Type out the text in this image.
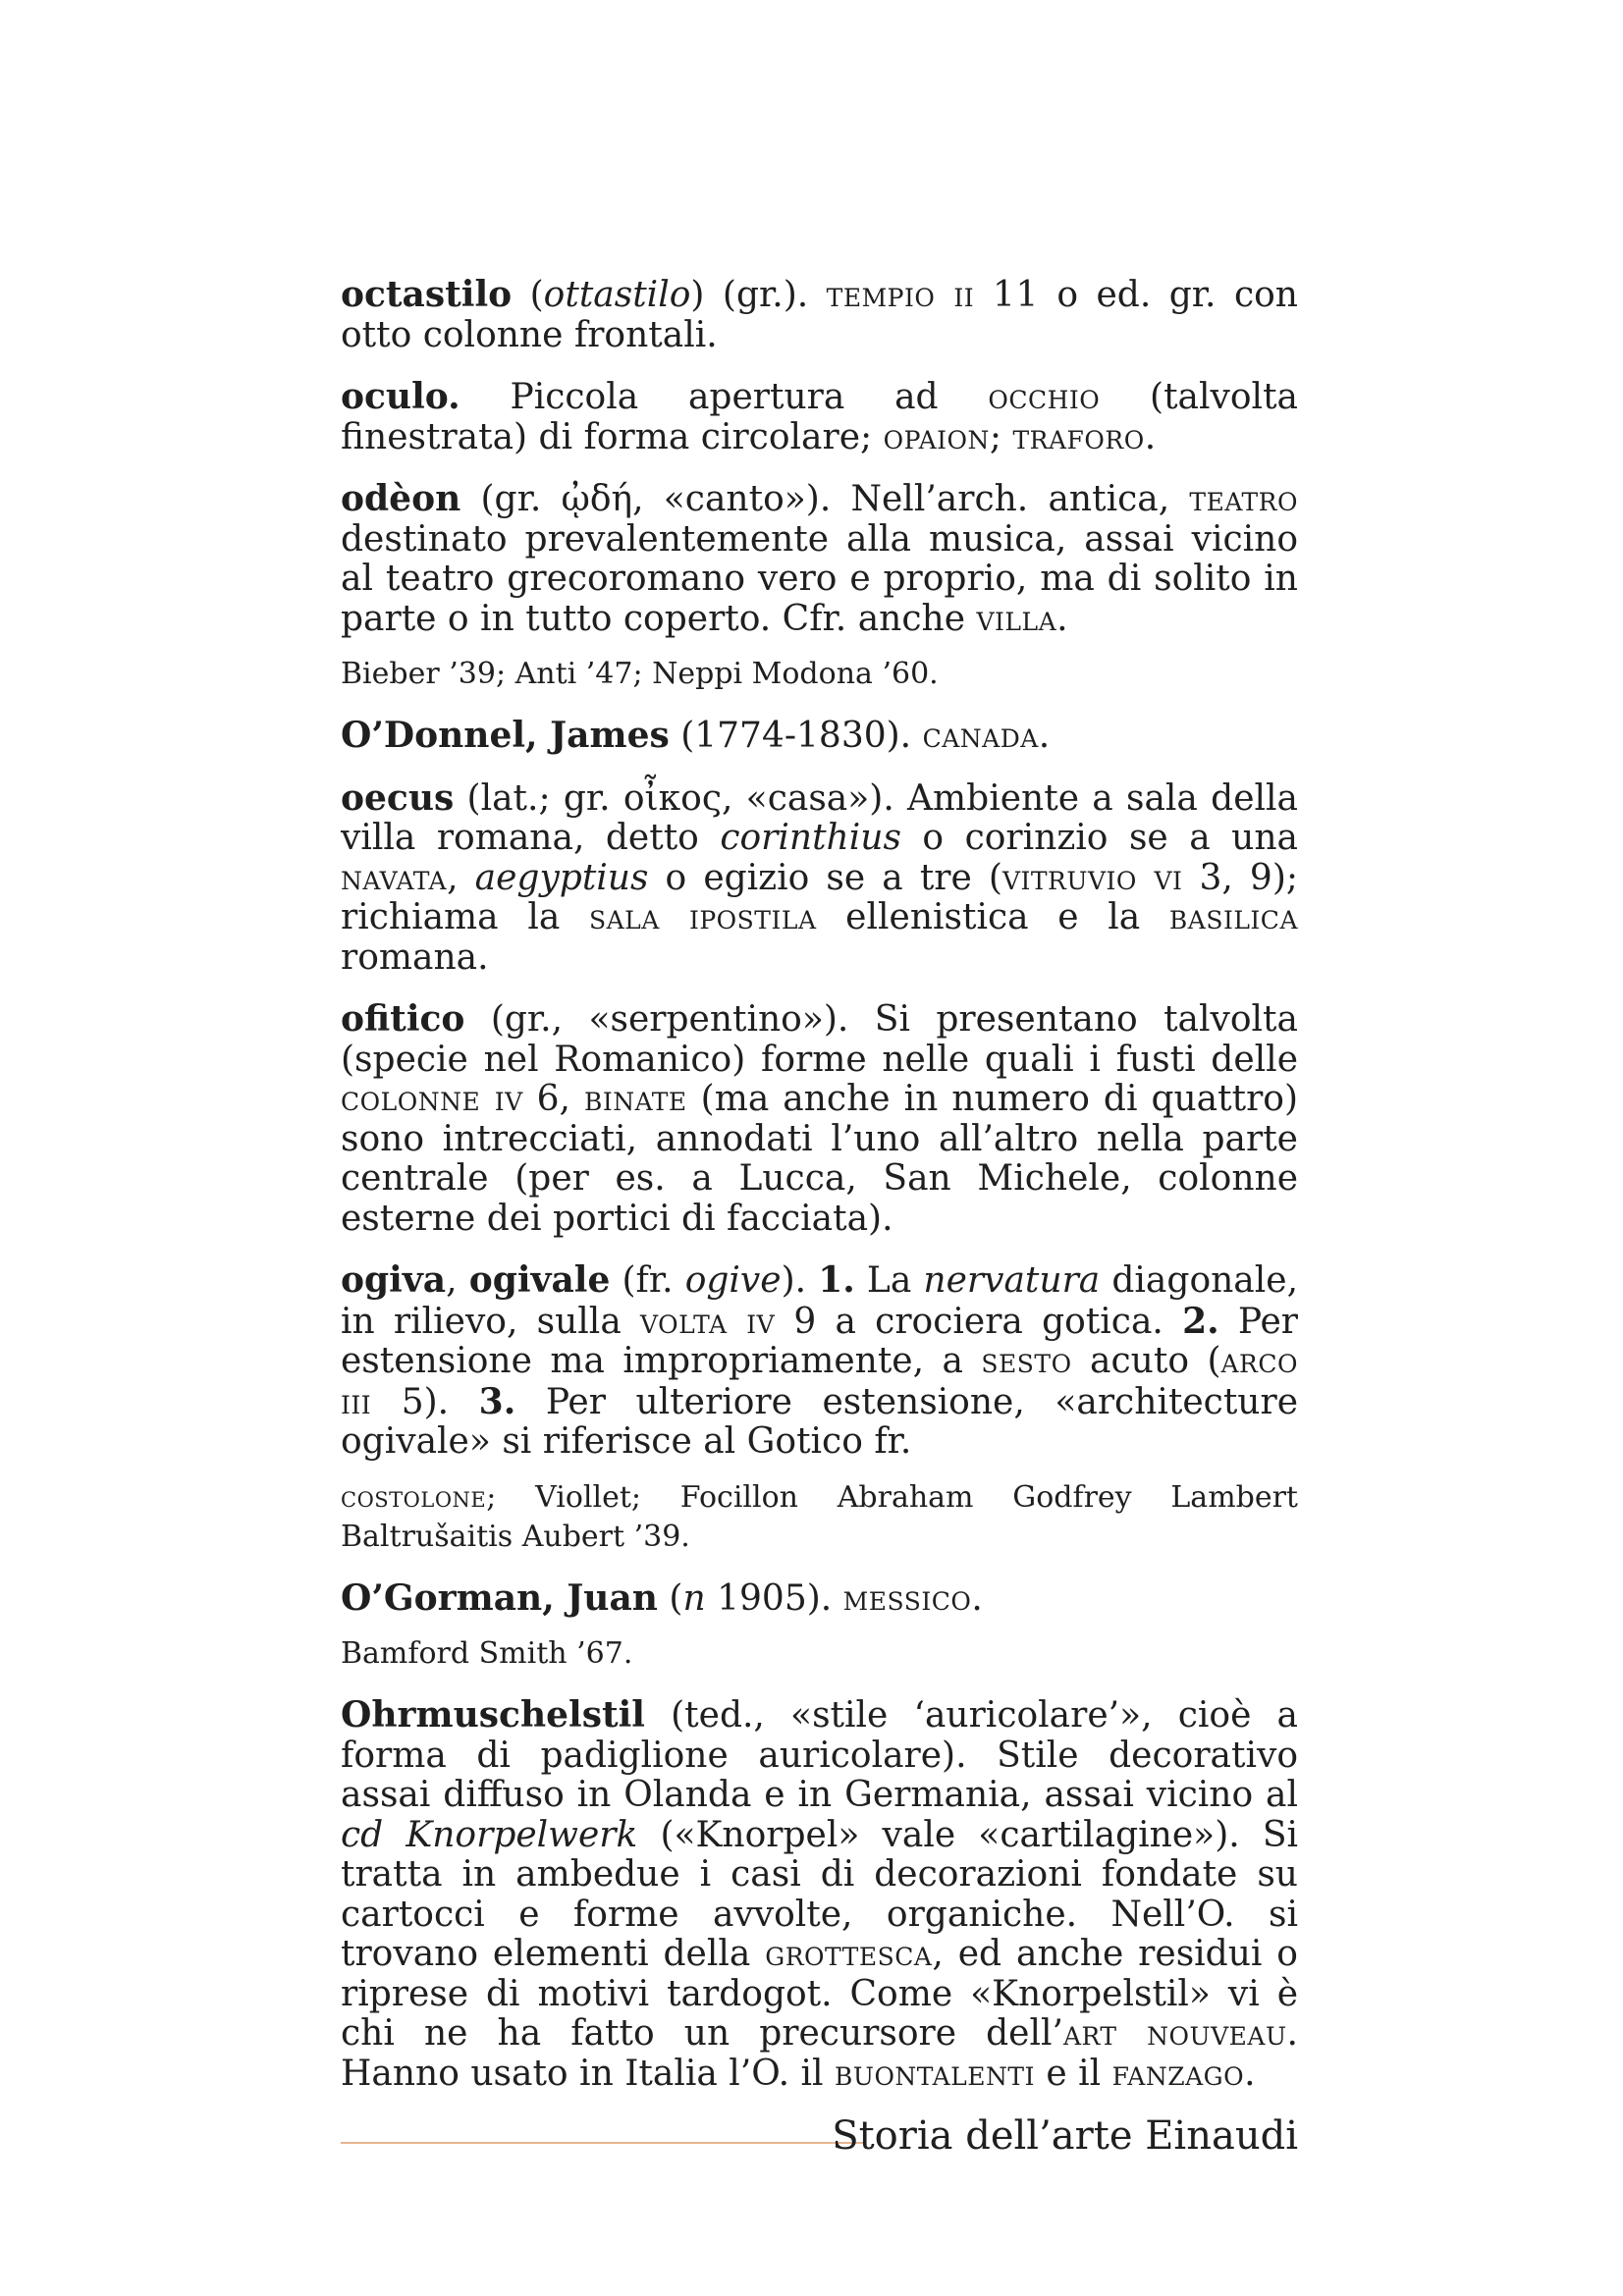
octastilo (ottastilo) (gr.). tempio ii 11 o ed. gr. con otto colonne frontali.

oculo. Piccola apertura ad occhio (talvolta finestrata) di forma circolare; opaion; traforo.

odèon (gr. ᾠδή, «canto»). Nell’arch. antica, teatro destinato prevalentemente alla musica, assai vicino al teatro grecoromano vero e proprio, ma di solito in parte o in tutto coperto. Cfr. anche villa.

Bieber ’39; Anti ’47; Neppi Modona ’60.

O’Donnel, James (1774-1830). canada.

oecus (lat.; gr. οἶκος, «casa»). Ambiente a sala della villa romana, detto corinthius o corinzio se a una navata, aegyptius o egizio se a tre (vitruvio vi 3, 9); richiama la sala ipostila ellenistica e la basilica romana.

ofitico (gr., «serpentino»). Si presentano talvolta (specie nel Romanico) forme nelle quali i fusti delle colonne iv 6, binate (ma anche in numero di quattro) sono intrecciati, annodati l’uno all’altro nella parte centrale (per es. a Lucca, San Michele, colonne esterne dei portici di facciata).

ogiva, ogivale (fr. ogive). 1. La nervatura diagonale, in rilievo, sulla volta iv 9 a crociera gotica. 2. Per estensione ma impropriamente, a sesto acuto (arco iii 5). 3. Per ulteriore estensione, «architecture ogivale» si riferisce al Gotico fr.

costolone; Viollet; Focillon Abraham Godfrey Lambert Baltrušaitis Aubert ’39.

O’Gorman, Juan (n 1905). messico.

Bamford Smith ’67.

Ohrmuschelstil (ted., «stile ‘auricolare’», cioè a forma di padiglione auricolare). Stile decorativo assai diffuso in Olanda e in Germania, assai vicino al cd Knorpelwerk («Knorpel» vale «cartilagine»). Si tratta in ambedue i casi di decorazioni fondate su cartocci e forme avvolte, organiche. Nell’O. si trovano elementi della grottesca, ed anche residui o riprese di motivi tardogot. Come «Knorpelstil» vi è chi ne ha fatto un precursore dell’art nouveau. Hanno usato in Italia l’O. il buontalenti e il fanzago.

Storia dell’arte Einaudi
